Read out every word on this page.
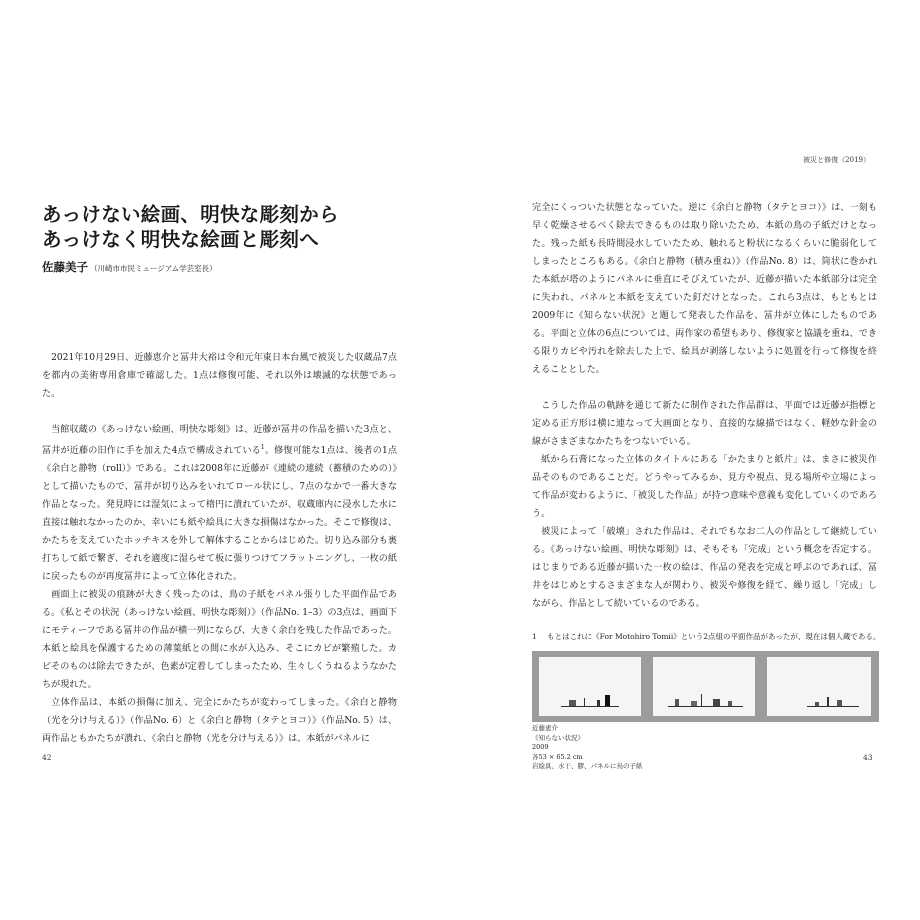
被災と修復（2019）
あっけない絵画、明快な彫刻から
あっけなく明快な絵画と彫刻へ
佐藤美子 （川崎市市民ミュージアム学芸室長）

2021年10月29日、近藤恵介と冨井大裕は令和元年東日本台風で被災した収蔵品7点を都内の美術専用倉庫で確認した。1点は修復可能、それ以外は壊滅的な状態であった。

当館収蔵の《あっけない絵画、明快な彫刻》は、近藤が冨井の作品を描いた3点と、冨井が近藤の旧作に手を加えた4点で構成されている$^1$。修復可能な1点は、後者の1点《余白と静物（roll）》である。これは2008年に近藤が《連続の連続（蓄積のための）》として描いたもので、冨井が切り込みをいれてロール状にし、7点のなかで一番大きな作品となった。発見時には湿気によって楕円に潰れていたが、収蔵庫内に浸水した水に直接は触れなかったのか、幸いにも紙や絵具に大きな損傷はなかった。そこで修復は、かたちを支えていたホッチキスを外して解体することからはじめた。切り込み部分も裏打ちして紙で繋ぎ、それを適度に湿らせて板に張りつけてフラットニングし、一枚の紙に戻ったものが再度冨井によって立体化された。

画面上に被災の痕跡が大きく残ったのは、鳥の子紙をパネル張りした平面作品である。《私とその状況（あっけない絵画、明快な彫刻）》（作品No. 1–3）の3点は、画面下にモティーフである冨井の作品が横一列にならび、大きく余白を残した作品であった。本紙と絵具を保護するための薄葉紙との間に水が入込み、そこにカビが繁殖した。カビそのものは除去できたが、色素が定着してしまったため、生々しくうねるようなかたちが現れた。

立体作品は、本紙の損傷に加え、完全にかたちが変わってしまった。《余白と静物（光を分け与える）》（作品No. 6）と《余白と静物（タテとヨコ）》（作品No. 5）は、両作品ともかたちが潰れ、《余白と静物（光を分け与える）》は、本紙がパネルに

完全にくっついた状態となっていた。逆に《余白と静物（タテとヨコ）》は、一刻も早く乾燥させるべく除去できるものは取り除いたため、本紙の鳥の子紙だけとなった。残った紙も長時間浸水していたため、触れると粉状になるくらいに脆弱化してしまったところもある。《余白と静物（積み重ね）》（作品No. 8）は、筒状に巻かれた本紙が塔のようにパネルに垂直にそびえていたが、近藤が描いた本紙部分は完全に失われ、パネルと本紙を支えていた釘だけとなった。これら3点は、もともとは2009年に《知らない状況》と題して発表した作品を、冨井が立体にしたものである。平面と立体の6点については、両作家の希望もあり、修復家と協議を重ね、できる限りカビや汚れを除去した上で、絵具が剥落しないように処置を行って修復を終えることとした。

こうした作品の軌跡を通じて新たに制作された作品群は、平面では近藤が指標と定める正方形は横に連なって大画面となり、直接的な線描ではなく、軽妙な針金の線がさまざまなかたちをつないでいる。

紙から石膏になった立体のタイトルにある「かたまりと紙片」は、まさに被災作品そのものであることだ。どうやってみるか、見方や視点、見る場所や立場によって作品が変わるように、「被災した作品」が持つ意味や意義も変化していくのであろう。

被災によって「破壊」された作品は、それでもなお二人の作品として継続している。《あっけない絵画、明快な彫刻》は、そもそも「完成」という概念を否定する。はじまりである近藤が描いた一枚の絵は、作品の発表を完成と呼ぶのであれば、冨井をはじめとするさまざまな人が関わり、被災や修復を経て、繰り返し「完成」しながら、作品として続いているのである。

1 もとはこれに《For Motohiro Tomii》という2点組の平面作品があったが、現在は個人蔵である。
近藤恵介
《知らない状況》
2009
各53 × 65.2 cm
岩絵具、水干、膠、パネルに鳥の子紙
42	43
